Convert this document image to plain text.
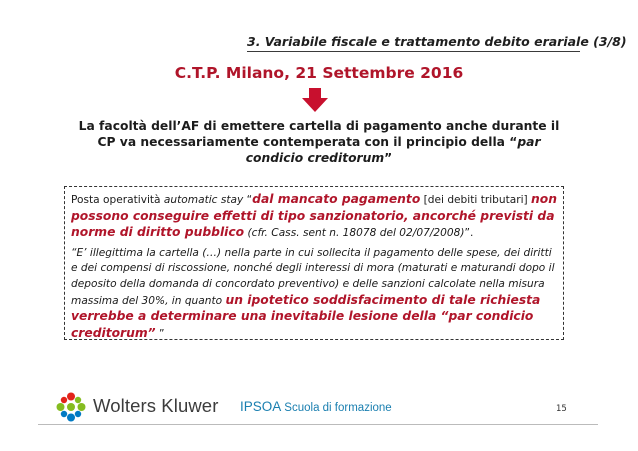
3. Variabile fiscale e trattamento debito erariale (3/8)
C.T.P. Milano, 21 Settembre 2016
La facoltà dell’AF di emettere cartella di pagamento anche durante il CP va necessariamente contemperata con il principio della “par condicio creditorum”

Posta operatività automatic stay “dal mancato pagamento [dei debiti tributari] non possono conseguire effetti di tipo sanzionatorio, ancorché previsti da norme di diritto pubblico (cfr. Cass. sent n. 18078 del 02/07/2008)”.

“E’ illegittima la cartella (…) nella parte in cui sollecita il pagamento delle spese, dei diritti e dei compensi di riscossione, nonché degli interessi di mora (maturati e maturandi dopo il deposito della domanda di concordato preventivo) e delle sanzioni calcolate nella misura massima del 30%, in quanto un ipotetico soddisfacimento di tale richiesta verrebbe a determinare una inevitabile lesione della “par condicio creditorum” ”

Wolters Kluwer IPSOA Scuola di formazione	15
